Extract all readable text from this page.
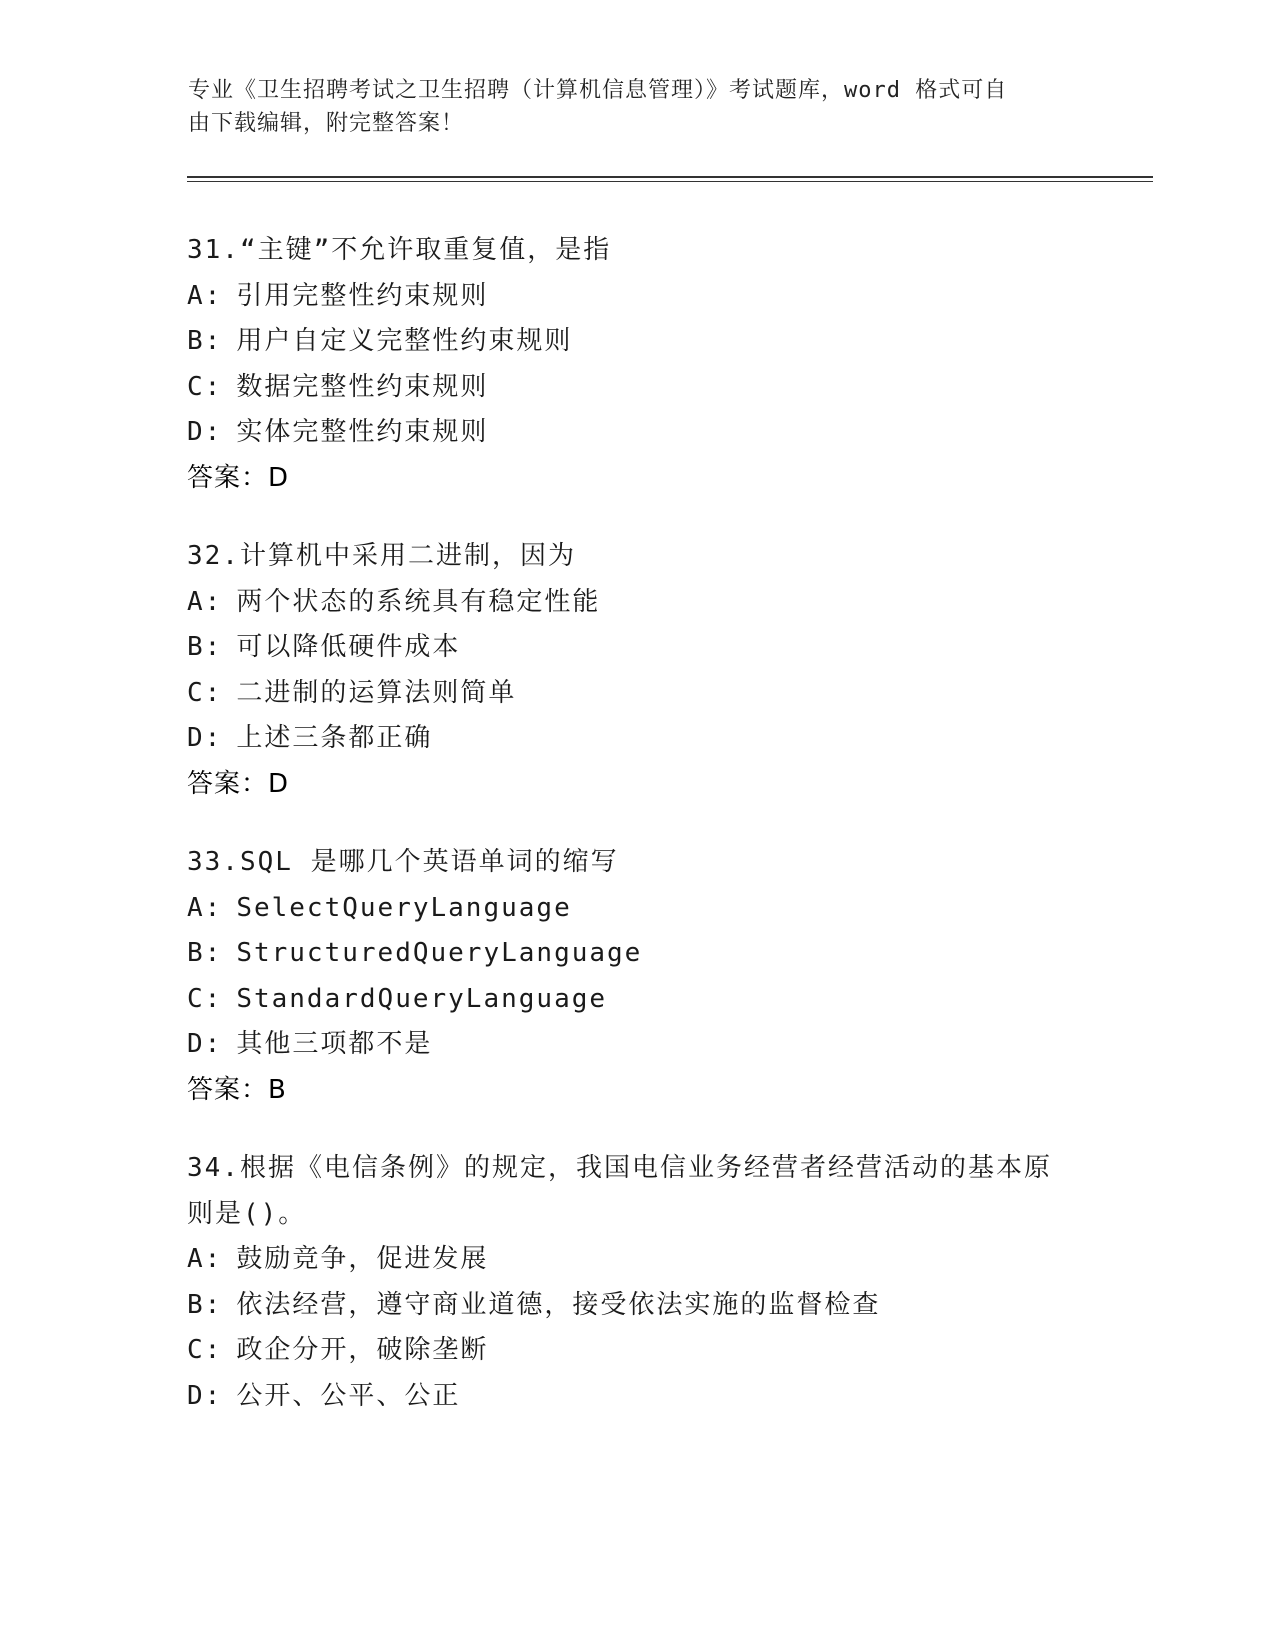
专业《卫生招聘考试之卫生招聘（计算机信息管理）》考试题库，word 格式可自
由下载编辑，附完整答案！
31.“主键”不允许取重复值，是指
A: 引用完整性约束规则
B: 用户自定义完整性约束规则
C: 数据完整性约束规则
D: 实体完整性约束规则
答案：D
32.计算机中采用二进制，因为
A: 两个状态的系统具有稳定性能
B: 可以降低硬件成本
C: 二进制的运算法则简单
D: 上述三条都正确
答案：D
33.SQL 是哪几个英语单词的缩写
A: SelectQueryLanguage
B: StructuredQueryLanguage
C: StandardQueryLanguage
D: 其他三项都不是
答案：B
34.根据《电信条例》的规定，我国电信业务经营者经营活动的基本原
则是()。
A: 鼓励竞争，促进发展
B: 依法经营，遵守商业道德，接受依法实施的监督检查
C: 政企分开，破除垄断
D: 公开、公平、公正
